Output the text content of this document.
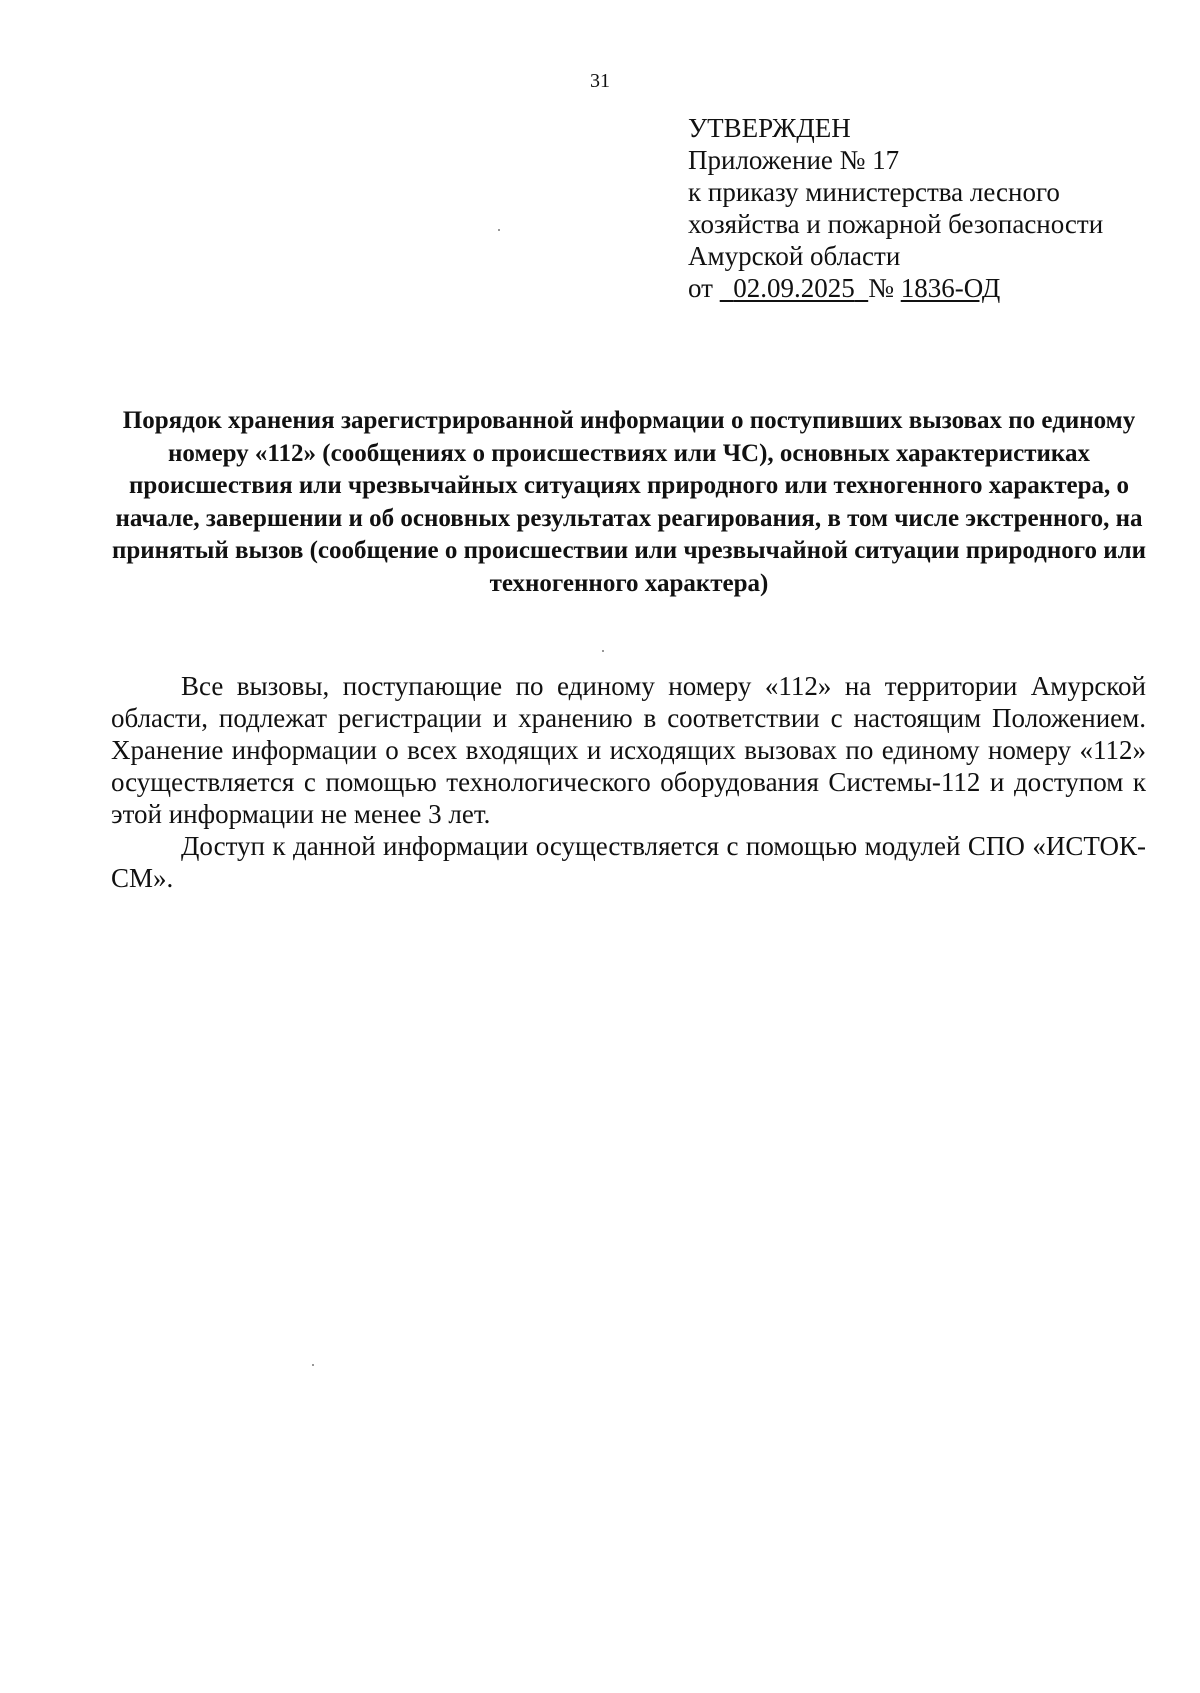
31
УТВЕРЖДЕН
Приложение № 17
к приказу министерства лесного
хозяйства и пожарной безопасности
Амурской области
от 02.09.2025 № 1836-ОД
Порядок хранения зарегистрированной информации о поступивших вызовах по единому номеру «112» (сообщениях о происшествиях или ЧС), основных характеристиках происшествия или чрезвычайных ситуациях природного или техногенного характера, о начале, завершении и об основных результатах реагирования, в том числе экстренного, на принятый вызов (сообщение о происшествии или чрезвычайной ситуации природного или техногенного характера)

Все вызовы, поступающие по единому номеру «112» на территории Амурской области, подлежат регистрации и хранению в соответствии с настоящим Положением. Хранение информации о всех входящих и исходящих вызовах по единому номеру «112» осуществляется с помощью технологического оборудования Системы-112 и доступом к этой информации не менее 3 лет.

Доступ к данной информации осуществляется с помощью модулей СПО «ИСТОК-СМ».
